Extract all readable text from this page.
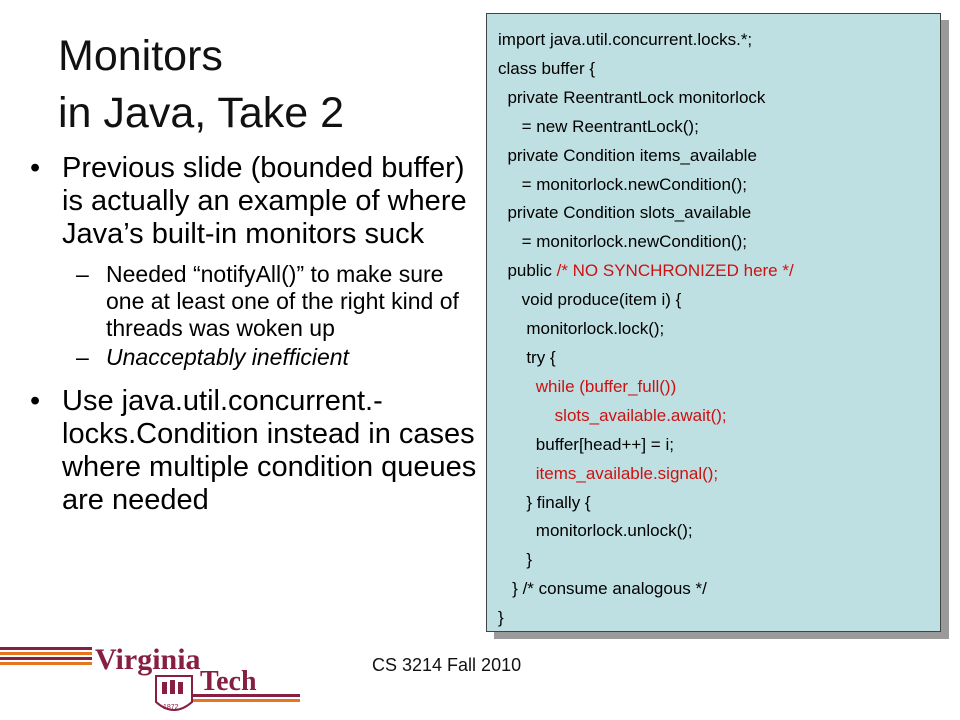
Monitors
in Java, Take 2
• Previous slide (bounded buffer) is actually an example of where Java’s built-in monitors suck
– Needed “notifyAll()” to make sure one at least one of the right kind of threads was woken up
– Unacceptably inefficient
• Use java.util.concurrent.-locks.Condition instead in cases where multiple condition queues are needed
import java.util.concurrent.locks.*;
class buffer {
private ReentrantLock monitorlock
= new ReentrantLock();
private Condition items_available
= monitorlock.newCondition();
private Condition slots_available
= monitorlock.newCondition();
public /* NO SYNCHRONIZED here */
void produce(item i) {
monitorlock.lock();
try {
while (buffer_full())
slots_available.await();
buffer[head++] = i;
items_available.signal();
} finally {
monitorlock.unlock();
}
} /* consume analogous */
}
Virginia
Tech
1872
CS 3214 Fall 2010
